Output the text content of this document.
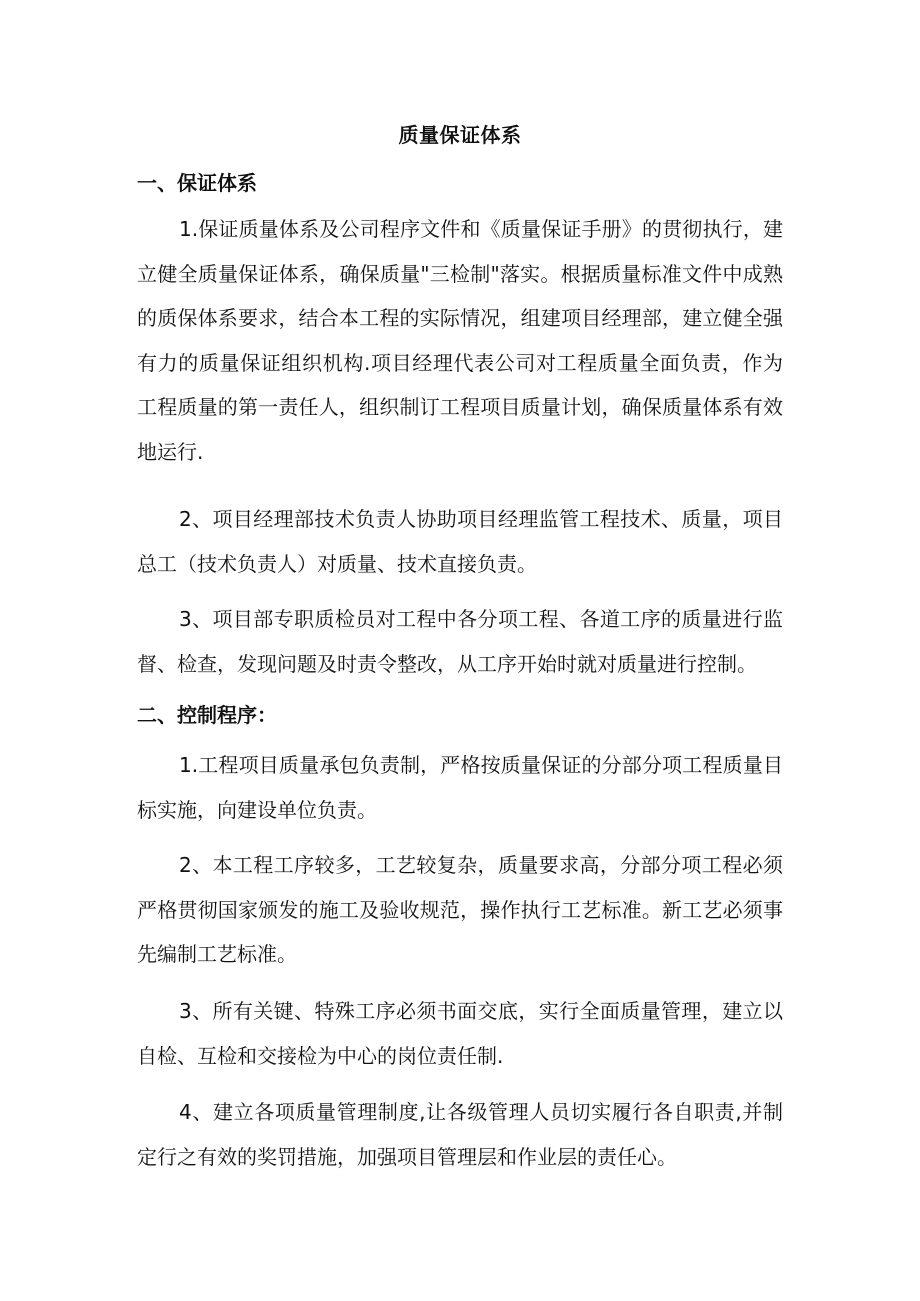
质量保证体系
一、保证体系

1.保证质量体系及公司程序文件和《质量保证手册》的贯彻执行，建立健全质量保证体系，确保质量"三检制"落实。根据质量标准文件中成熟的质保体系要求，结合本工程的实际情况，组建项目经理部，建立健全强有力的质量保证组织机构.项目经理代表公司对工程质量全面负责，作为工程质量的第一责任人，组织制订工程项目质量计划，确保质量体系有效地运行.

2、项目经理部技术负责人协助项目经理监管工程技术、质量，项目总工（技术负责人）对质量、技术直接负责。

3、项目部专职质检员对工程中各分项工程、各道工序的质量进行监督、检查，发现问题及时责令整改，从工序开始时就对质量进行控制。

二、控制程序：

1.工程项目质量承包负责制，严格按质量保证的分部分项工程质量目标实施，向建设单位负责。

2、本工程工序较多，工艺较复杂，质量要求高，分部分项工程必须严格贯彻国家颁发的施工及验收规范，操作执行工艺标准。新工艺必须事先编制工艺标准。

3、所有关键、特殊工序必须书面交底，实行全面质量管理，建立以自检、互检和交接检为中心的岗位责任制.

4、建立各项质量管理制度,让各级管理人员切实履行各自职责,并制定行之有效的奖罚措施，加强项目管理层和作业层的责任心。
